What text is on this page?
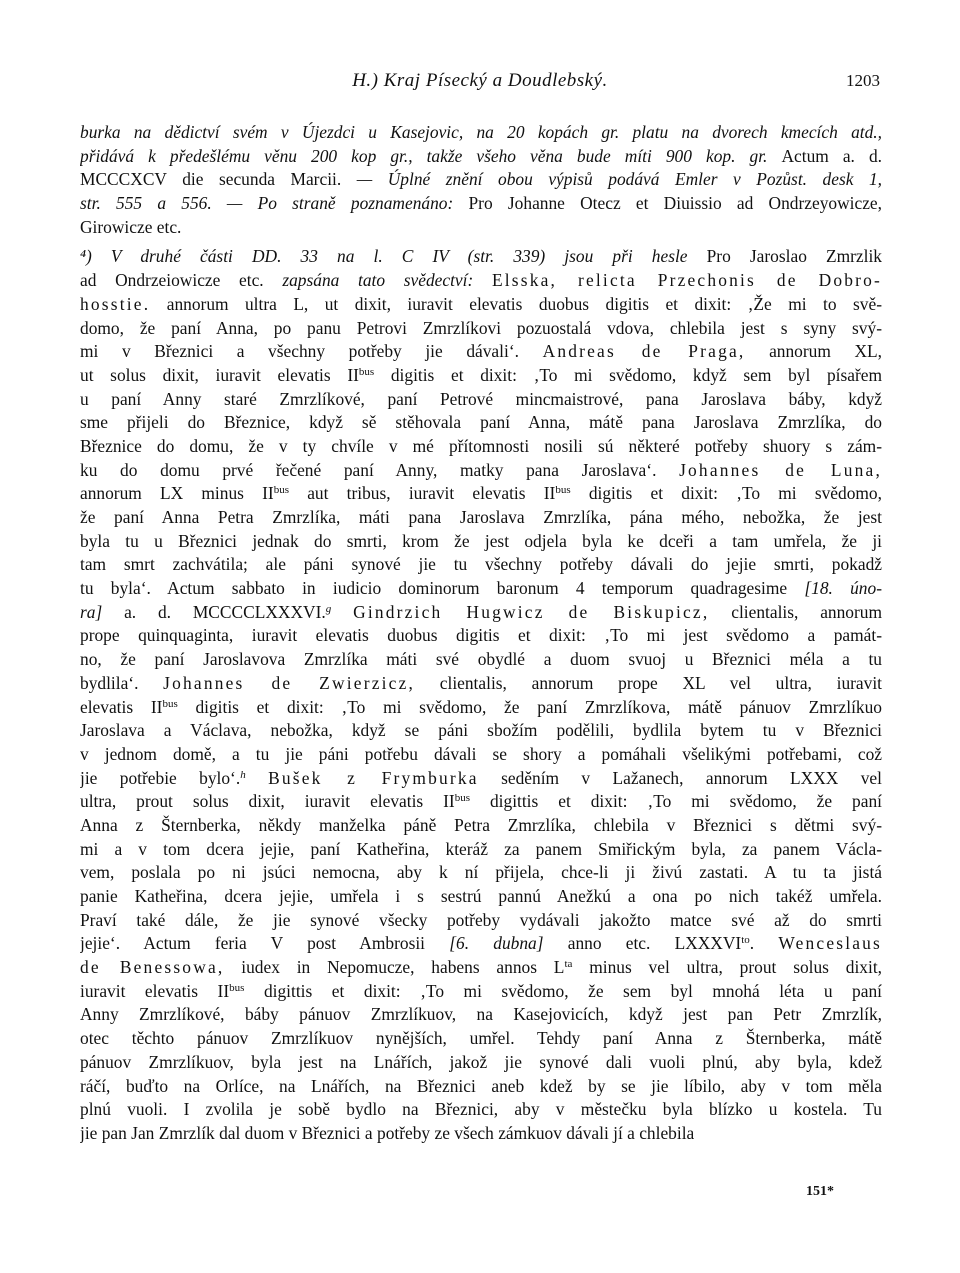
H.) Kraj Písecký a Doudlebský.	1203
burka na dědictví svém v Újezdci u Kasejovic, na 20 kopách gr. platu na dvorech kmecích atd.,
přidává k předešlému věnu 200 kop gr., takže všeho věna bude míti 900 kop. gr. Actum a. d.
MCCCXCV die secunda Marcii. — Úplné znění obou výpisů podává Emler v Pozůst. desk 1,
str. 555 a 556. — Po straně poznamenáno: Pro Johanne Otecz et Diuissio ad Ondrzeyowicze,
Girowicze etc.
⁴) V druhé části DD. 33 na l. C IV (str. 339) jsou při hesle Pro Jaroslao Zmrzlik
ad Ondrzeiowicze etc. zapsána tato svědectví: Elsska, relicta Przechonis de Dobro-
hosstie. annorum ultra L, ut dixit, iuravit elevatis duobus digitis et dixit: ‚Že mi to svě-
domo, že paní Anna, po panu Petrovi Zmrzlíkovi pozuostalá vdova, chlebila jest s syny svý-
mi v Březnici a všechny potřeby jie dávali‘. Andreas de Praga, annorum XL,
ut solus dixit, iuravit elevatis $II^{bus}$ digitis et dixit: ‚To mi svědomo, když sem byl písařem
u paní Anny staré Zmrzlíkové, paní Petrové mincmaistrové, pana Jaroslava báby, když
sme přijeli do Březnice, když sě stěhovala paní Anna, mátě pana Jaroslava Zmrzlíka, do
Březnice do domu, že v ty chvíle v mé přítomnosti nosili sú některé potřeby shuory s zám-
ku do domu prvé řečené paní Anny, matky pana Jaroslava‘. Johannes de Luna,
annorum LX minus $II^{bus}$ aut tribus, iuravit elevatis $II^{bus}$ digitis et dixit: ‚To mi svědomo,
že paní Anna Petra Zmrzlíka, máti pana Jaroslava Zmrzlíka, pána mého, nebožka, že jest
byla tu u Březnici jednak do smrti, krom že jest odjela byla ke dceři a tam umřela, že ji
tam smrt zachvátila; ale páni synové jie tu všechny potřeby dávali do jejie smrti, pokadž
tu byla‘. Actum sabbato in iudicio dominorum baronum 4 temporum quadragesime [18. úno-
ra] a. d. MCCCCLXXXVI.$^g$ Gindrzich Hugwicz de Biskupicz, clientalis, annorum
prope quinquaginta, iuravit elevatis duobus digitis et dixit: ‚To mi jest svědomo a památ-
no, že paní Jaroslavova Zmrzlíka máti své obydlé a duom svuoj u Březnici méla a tu
bydlila‘. Johannes de Zwierzicz, clientalis, annorum prope XL vel ultra, iuravit
elevatis $II^{bus}$ digitis et dixit: ‚To mi svědomo, že paní Zmrzlíkova, mátě pánuov Zmrzlíkuo
Jaroslava a Václava, nebožka, když se páni sbožím podělili, bydlila bytem tu v Březnici
v jednom domě, a tu jie páni potřebu dávali se shory a pomáhali všelikými potřebami, což
jie potřebie bylo‘.$^h$ Bušek z Frymburka seděním v Lažanech, annorum LXXX vel
ultra, prout solus dixit, iuravit elevatis $II^{bus}$ digittis et dixit: ‚To mi svědomo, že paní
Anna z Šternberka, někdy manželka páně Petra Zmrzlíka, chlebila v Březnici s dětmi svý-
mi a v tom dcera jejie, paní Katheřina, kteráž za panem Smiřickým byla, za panem Václa-
vem, poslala po ni jsúci nemocna, aby k ní přijela, chce-li ji živú zastati. A tu ta jistá
panie Katheřina, dcera jejie, umřela i s sestrú pannú Anežkú a ona po nich takéž umřela.
Praví také dále, že jie synové všecky potřeby vydávali jakožto matce své až do smrti
jejie‘. Actum feria V post Ambrosii [6. dubna] anno etc. $LXXXVI^{to}$. Wenceslaus
de Benessowa, iudex in Nepomucze, habens annos $L^{ta}$ minus vel ultra, prout solus dixit,
iuravit elevatis $II^{bus}$ digittis et dixit: ‚To mi svědomo, že sem byl mnohá léta u paní
Anny Zmrzlíkové, báby pánuov Zmrzlíkuov, na Kasejovicích, když jest pan Petr Zmrzlík,
otec těchto pánuov Zmrzlíkuov nynějších, umřel. Tehdy paní Anna z Šternberka, mátě
pánuov Zmrzlíkuov, byla jest na Lnářích, jakož jie synové dali vuoli plnú, aby byla, kdež
ráčí, buďto na Orlíce, na Lnářích, na Březnici aneb kdež by se jie líbilo, aby v tom měla
plnú vuoli. I zvolila je sobě bydlo na Březnici, aby v městečku byla blízko u kostela. Tu
jie pan Jan Zmrzlík dal duom v Březnici a potřeby ze všech zámkuov dávali jí a chlebila
151*
